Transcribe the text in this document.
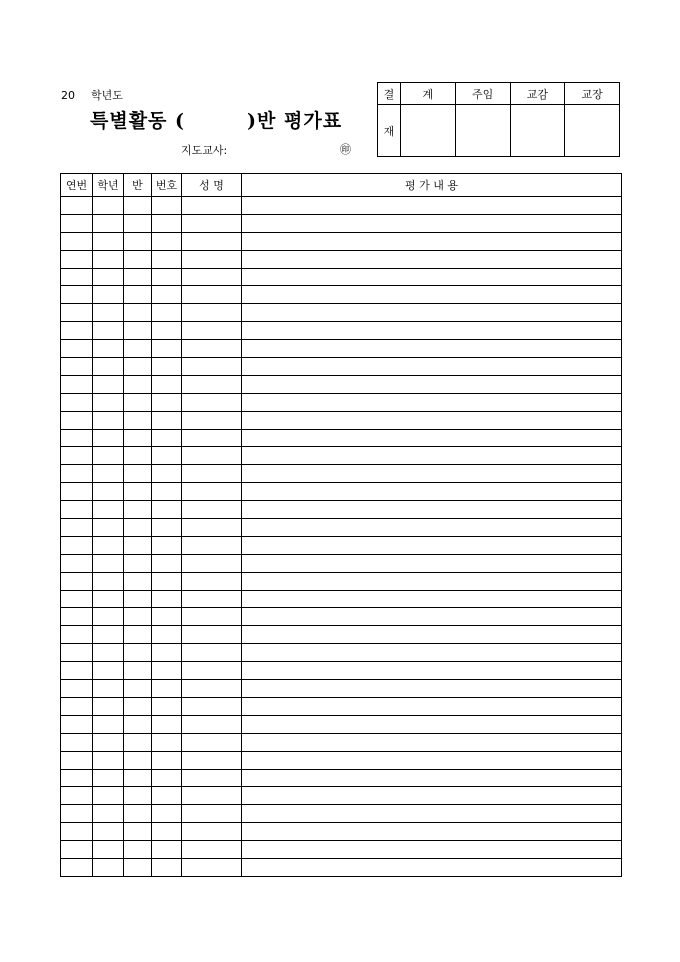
20 학년도
특별활동 (	)반 평가표
지도교사:	㊞
결	계	주임	교감	교장
재				
연번	학년	반	번호	성 명	평 가 내 용
